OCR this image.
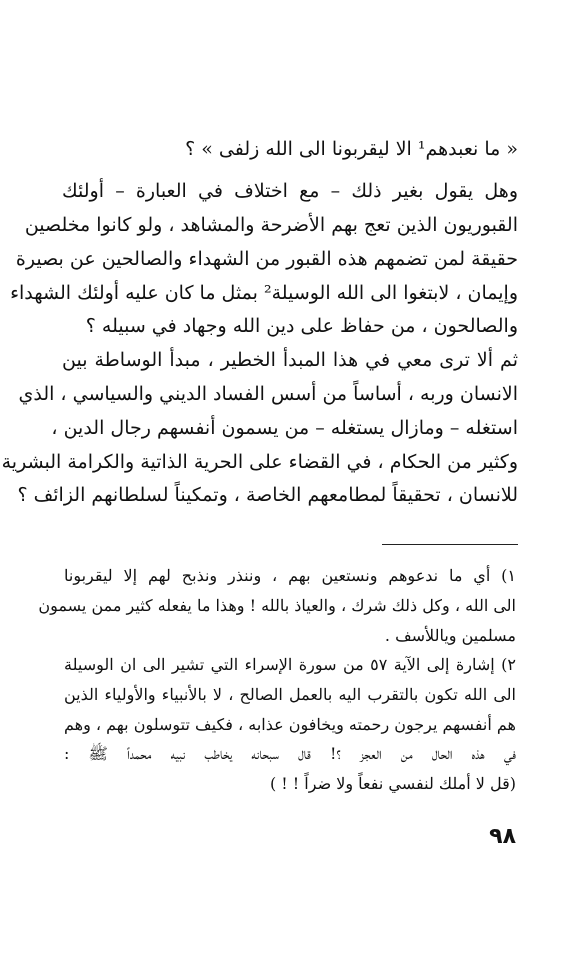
« ما نعبدهم¹ الا ليقربونا الى الله زلفى » ؟
وهل يقول بغير ذلك – مع اختلاف في العبارة – أولئك
القبوريون الذين تعج بهم الأضرحة والمشاهد ، ولو كانوا مخلصين
حقيقة لمن تضمهم هذه القبور من الشهداء والصالحين عن بصيرة
وإيمان ، لابتغوا الى الله الوسيلة² بمثل ما كان عليه أولئك الشهداء
والصالحون ، من حفاظ على دين الله وجهاد في سبيله ؟
ثم ألا ترى معي في هذا المبدأ الخطير ، مبدأ الوساطة بين
الانسان وربه ، أساساً من أسس الفساد الديني والسياسي ، الذي
استغله – ومازال يستغله – من يسمون أنفسهم رجال الدين ،
وكثير من الحكام ، في القضاء على الحرية الذاتية والكرامة البشرية
للانسان ، تحقيقاً لمطامعهم الخاصة ، وتمكيناً لسلطانهم الزائف ؟
١) أي ما ندعوهم ونستعين بهم ، وننذر ونذبح لهم إلا ليقربونا
الى الله ، وكل ذلك شرك ، والعياذ بالله ! وهذا ما يفعله كثير ممن يسمون
مسلمين وياللأسف .
٢) إشارة إلى الآية ٥٧ من سورة الإسراء التي تشير الى ان الوسيلة
الى الله تكون بالتقرب اليه بالعمل الصالح ، لا بالأنبياء والأولياء الذين
هم أنفسهم يرجون رحمته ويخافون عذابه ، فكيف تتوسلون بهم ، وهم
في هذه الحال من العجز ؟! قال سبحانه يخاطب نبيه محمداً ﷺ :
(قل لا أملك لنفسي نفعاً ولا ضراً ! ! )
٩٨
